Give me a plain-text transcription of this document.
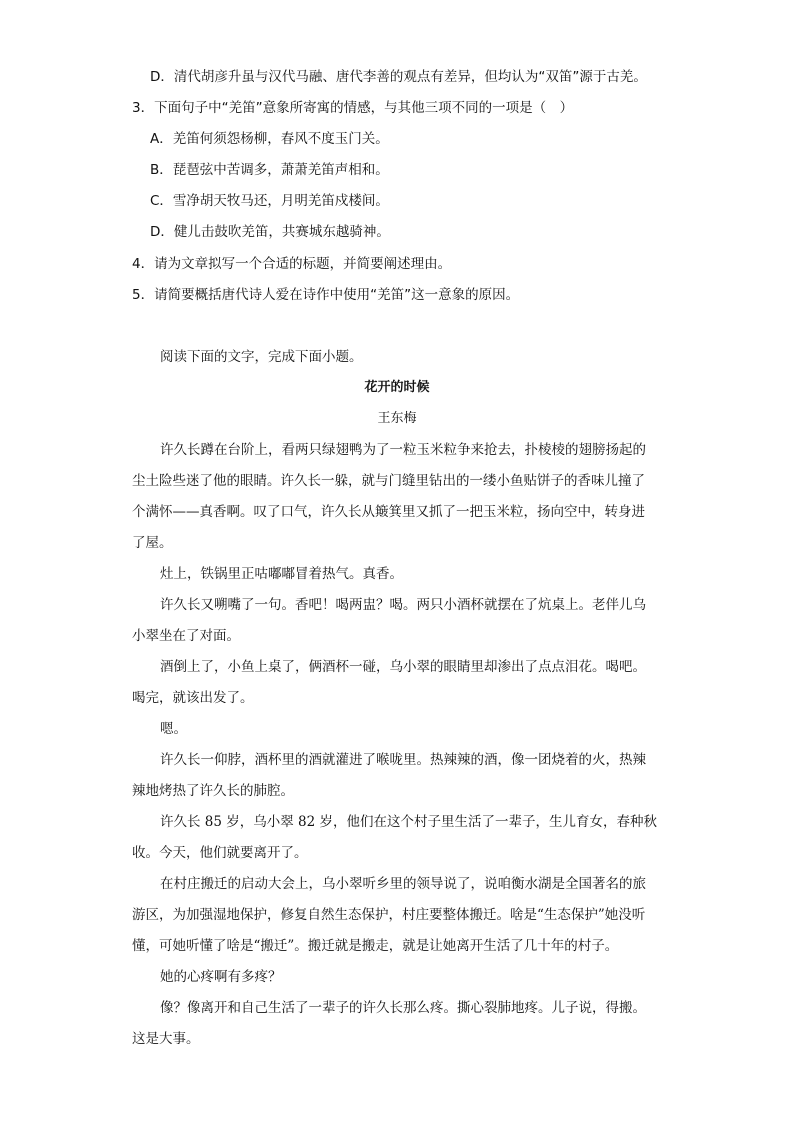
D．清代胡彦升虽与汉代马融、唐代李善的观点有差异，但均认为“双笛”源于古羌。
3．下面句子中“羌笛”意象所寄寓的情感，与其他三项不同的一项是（　）
A．羌笛何须怨杨柳，春风不度玉门关。
B．琵琶弦中苦调多，萧萧羌笛声相和。
C．雪净胡天牧马还，月明羌笛戍楼间。
D．健儿击鼓吹羌笛，共赛城东越骑神。
4．请为文章拟写一个合适的标题，并简要阐述理由。
5．请简要概括唐代诗人爱在诗作中使用“羌笛”这一意象的原因。
阅读下面的文字，完成下面小题。
花开的时候
王东梅
许久长蹲在台阶上，看两只绿翅鸭为了一粒玉米粒争来抢去，扑棱棱的翅膀扬起的
尘土险些迷了他的眼睛。许久长一躲，就与门缝里钻出的一缕小鱼贴饼子的香味儿撞了
个满怀——真香啊。叹了口气，许久长从簸箕里又抓了一把玉米粒，扬向空中，转身进
了屋。
灶上，铁锅里正咕嘟嘟冒着热气。真香。
许久长又嗍嘴了一句。香吧！喝两盅？喝。两只小酒杯就摆在了炕桌上。老伴儿乌
小翠坐在了对面。
酒倒上了，小鱼上桌了，俩酒杯一碰，乌小翠的眼睛里却渗出了点点泪花。喝吧。
喝完，就该出发了。
嗯。
许久长一仰脖，酒杯里的酒就灌进了喉咙里。热辣辣的酒，像一团烧着的火，热辣
辣地烤热了许久长的肺腔。
许久长 85 岁，乌小翠 82 岁，他们在这个村子里生活了一辈子，生儿育女，春种秋
收。今天，他们就要离开了。
在村庄搬迁的启动大会上，乌小翠听乡里的领导说了，说咱衡水湖是全国著名的旅
游区，为加强湿地保护，修复自然生态保护，村庄要整体搬迁。啥是“生态保护”她没听
懂，可她听懂了啥是“搬迁”。搬迁就是搬走，就是让她离开生活了几十年的村子。
她的心疼啊有多疼？
像？像离开和自己生活了一辈子的许久长那么疼。撕心裂肺地疼。儿子说，得搬。
这是大事。
